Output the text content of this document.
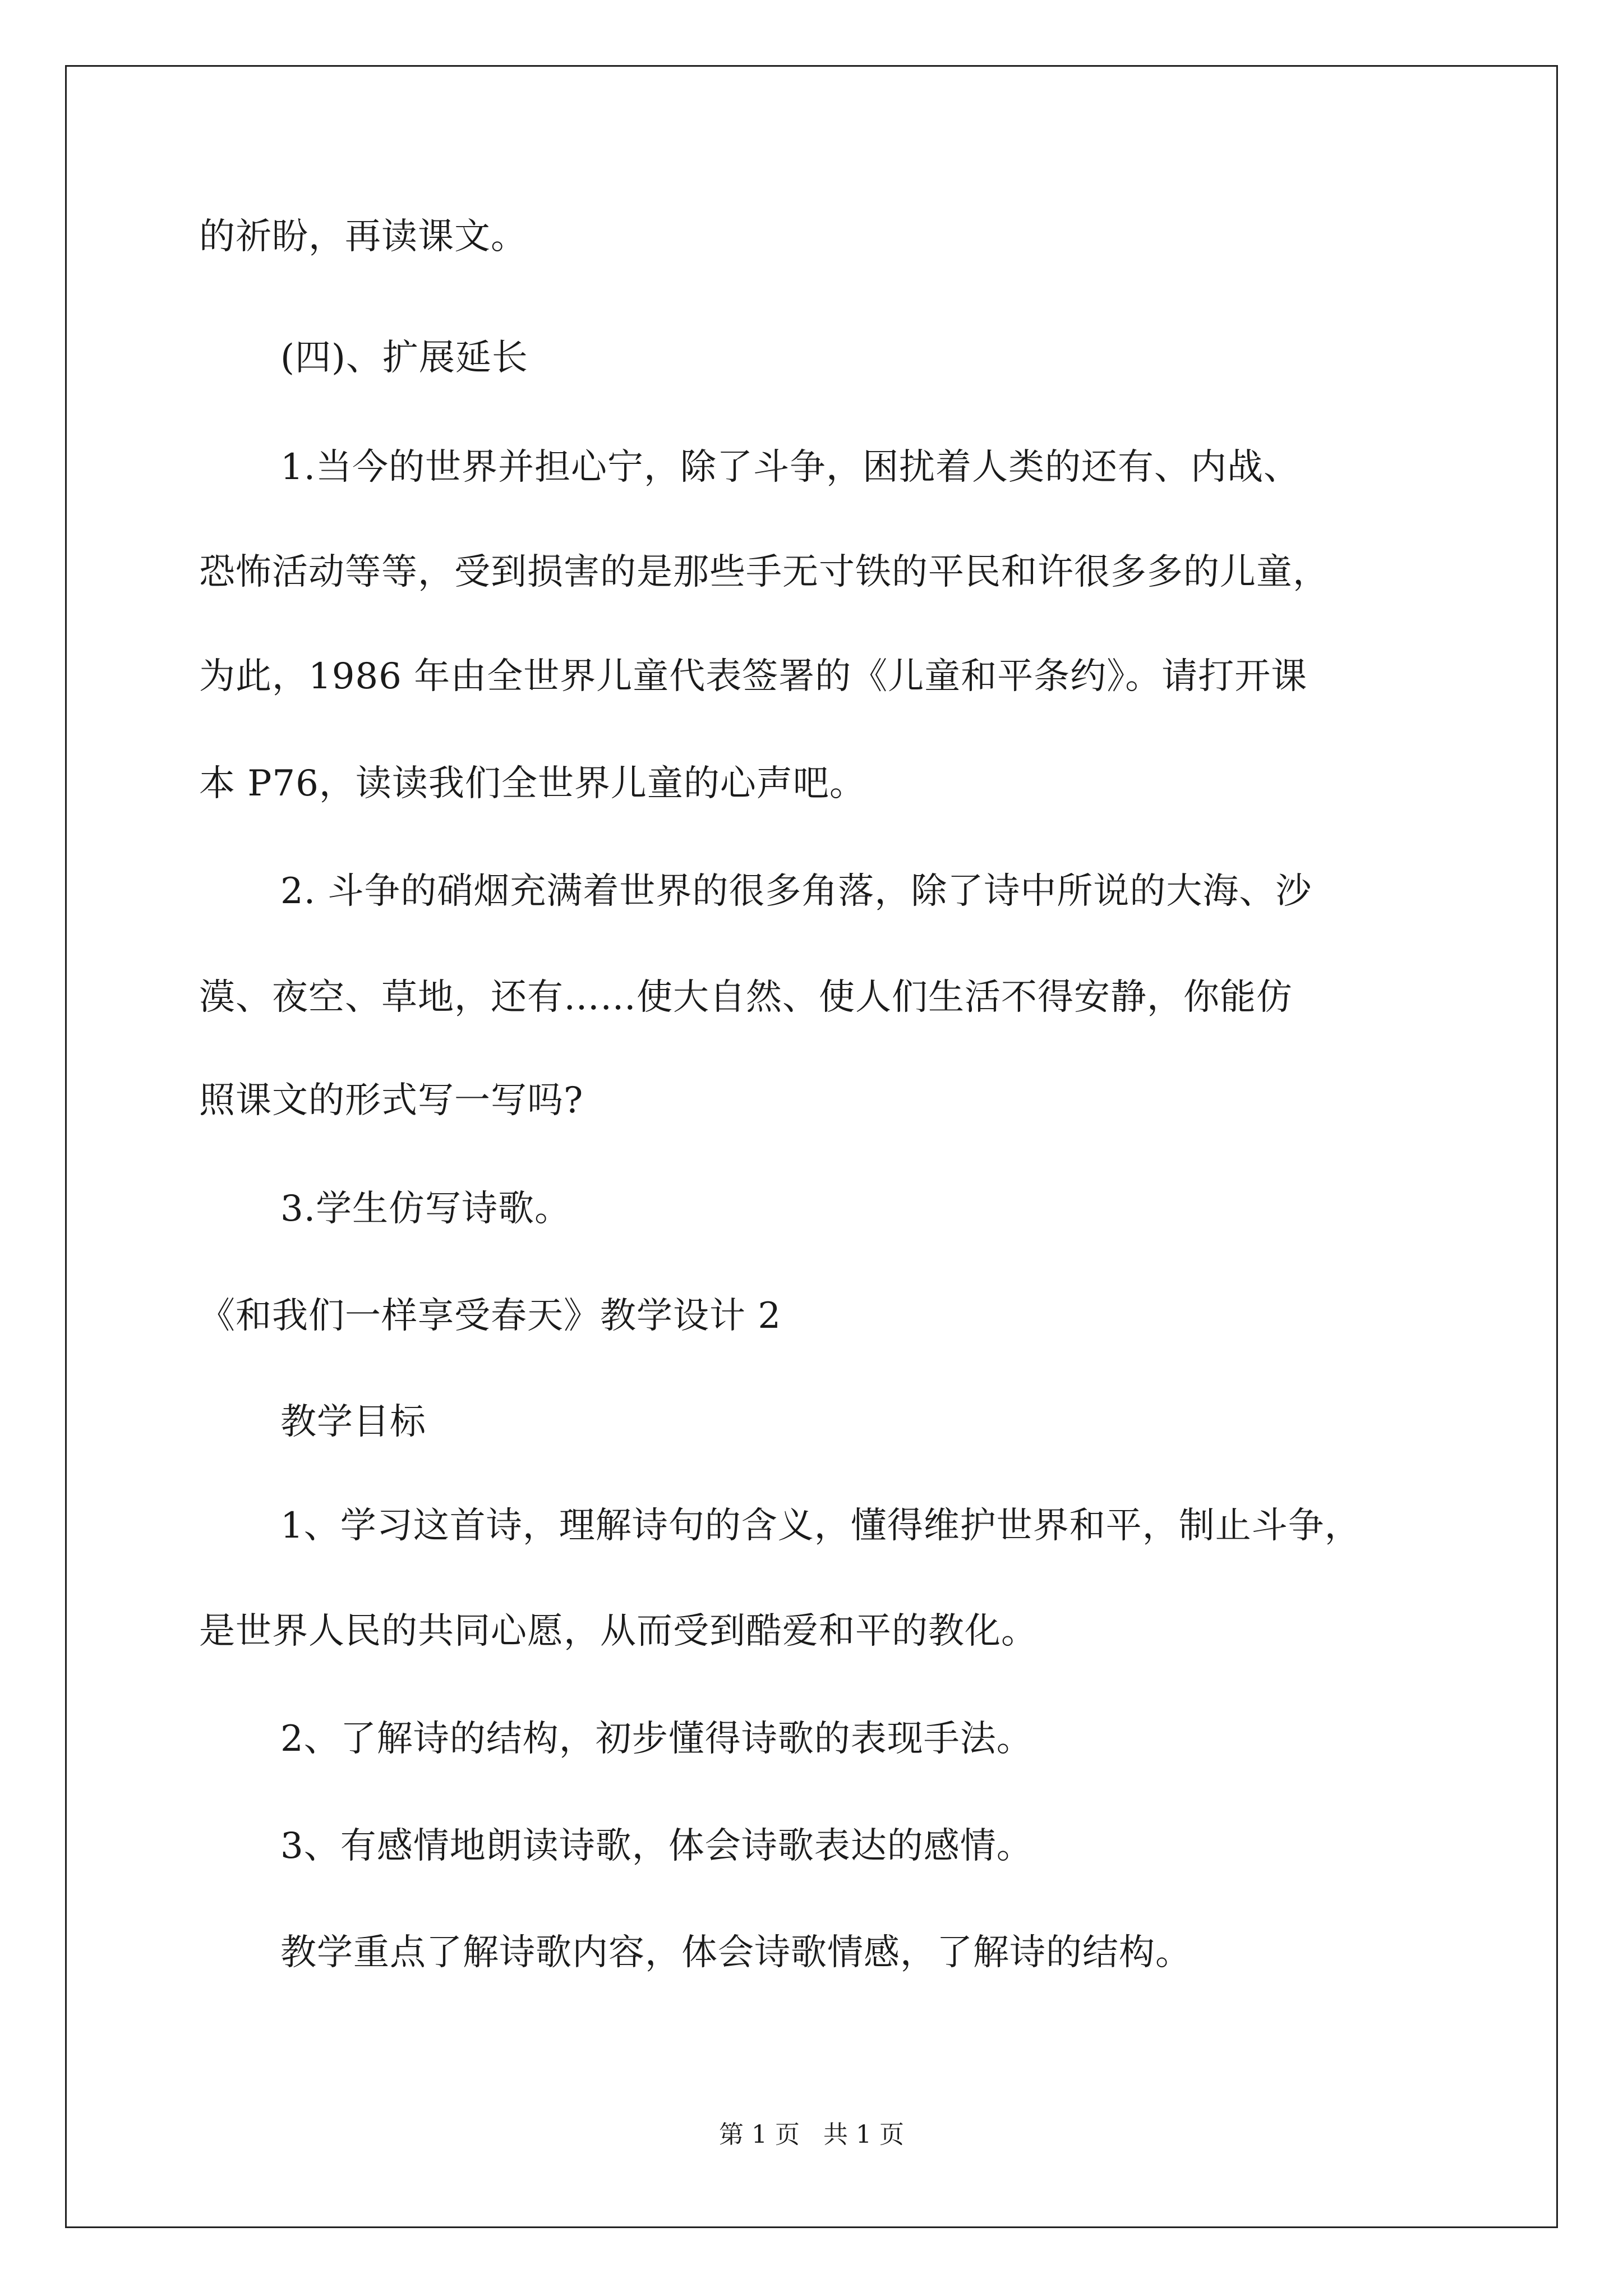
的祈盼，再读课文。
(四)、扩展延长
1.当今的世界并担心宁，除了斗争，困扰着人类的还有、内战、
恐怖活动等等，受到损害的是那些手无寸铁的平民和许很多多的儿童，
为此，1986 年由全世界儿童代表签署的《儿童和平条约》。请打开课
本 P76，读读我们全世界儿童的心声吧。
2. 斗争的硝烟充满着世界的很多角落，除了诗中所说的大海、沙
漠、夜空、草地，还有……使大自然、使人们生活不得安静，你能仿
照课文的形式写一写吗?
3.学生仿写诗歌。
《和我们一样享受春天》教学设计 2
教学目标
1、学习这首诗，理解诗句的含义，懂得维护世界和平，制止斗争，
是世界人民的共同心愿，从而受到酷爱和平的教化。
2、了解诗的结构，初步懂得诗歌的表现手法。
3、有感情地朗读诗歌，体会诗歌表达的感情。
教学重点了解诗歌内容，体会诗歌情感，了解诗的结构。
第 1 页   共 1 页
